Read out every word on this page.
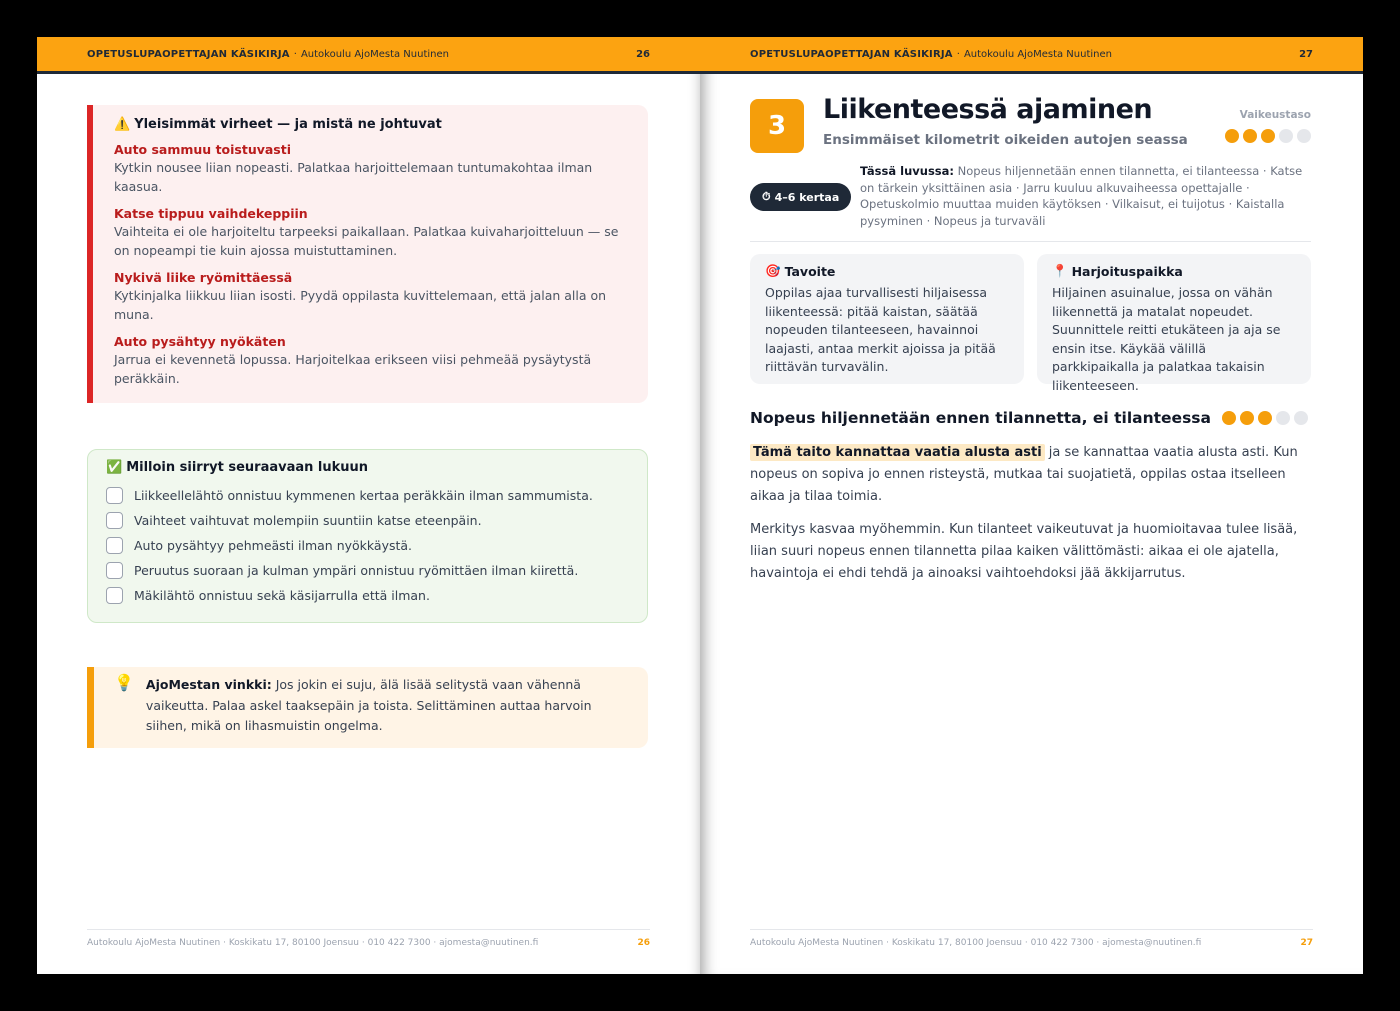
OPETUSLUPAOPETTAJAN KÄSIKIRJA · Autokoulu AjoMesta Nuutinen	26
⚠️ Yleisimmät virheet — ja mistä ne johtuvat
Auto sammuu toistuvasti
Kytkin nousee liian nopeasti. Palatkaa harjoittelemaan tuntumakohtaa ilman kaasua.
Katse tippuu vaihdekeppiin
Vaihteita ei ole harjoiteltu tarpeeksi paikallaan. Palatkaa kuivaharjoitteluun — se on nopeampi tie kuin ajossa muistuttaminen.
Nykivä liike ryömittäessä
Kytkinjalka liikkuu liian isosti. Pyydä oppilasta kuvittelemaan, että jalan alla on muna.
Auto pysähtyy nyökäten
Jarrua ei kevennetä lopussa. Harjoitelkaa erikseen viisi pehmeää pysäytystä peräkkäin.
✅ Milloin siirryt seuraavaan lukuun
Liikkeellelähtö onnistuu kymmenen kertaa peräkkäin ilman sammumista.
Vaihteet vaihtuvat molempiin suuntiin katse eteenpäin.
Auto pysähtyy pehmeästi ilman nyökkäystä.
Peruutus suoraan ja kulman ympäri onnistuu ryömittäen ilman kiirettä.
Mäkilähtö onnistuu sekä käsijarrulla että ilman.
💡 AjoMestan vinkki: Jos jokin ei suju, älä lisää selitystä vaan vähennä vaikeutta. Palaa askel taaksepäin ja toista. Selittäminen auttaa harvoin siihen, mikä on lihasmuistin ongelma.
Autokoulu AjoMesta Nuutinen · Koskikatu 17, 80100 Joensuu · 010 422 7300 · ajomesta@nuutinen.fi	26
OPETUSLUPAOPETTAJAN KÄSIKIRJA · Autokoulu AjoMesta Nuutinen	27
3
Liikenteessä ajaminen
Ensimmäiset kilometrit oikeiden autojen seassa
Vaikeustaso
⏱ 4–6 kertaa
Tässä luvussa: Nopeus hiljennetään ennen tilannetta, ei tilanteessa · Katse on tärkein yksittäinen asia · Jarru kuuluu alkuvaiheessa opettajalle · Opetuskolmio muuttaa muiden käytöksen · Vilkaisut, ei tuijotus · Kaistalla pysyminen · Nopeus ja turvaväli
🎯 Tavoite
Oppilas ajaa turvallisesti hiljaisessa liikenteessä: pitää kaistan, säätää nopeuden tilanteeseen, havainnoi laajasti, antaa merkit ajoissa ja pitää riittävän turvavälin.
📍 Harjoituspaikka
Hiljainen asuinalue, jossa on vähän liikennettä ja matalat nopeudet. Suunnittele reitti etukäteen ja aja se ensin itse. Käykää välillä parkkipaikalla ja palatkaa takaisin liikenteeseen.
Nopeus hiljennetään ennen tilannetta, ei tilanteessa
Tämä taito kannattaa vaatia alusta asti ja se kannattaa vaatia alusta asti. Kun nopeus on sopiva jo ennen risteystä, mutkaa tai suojatietä, oppilas ostaa itselleen aikaa ja tilaa toimia.
Merkitys kasvaa myöhemmin. Kun tilanteet vaikeutuvat ja huomioitavaa tulee lisää, liian suuri nopeus ennen tilannetta pilaa kaiken välittömästi: aikaa ei ole ajatella, havaintoja ei ehdi tehdä ja ainoaksi vaihtoehdoksi jää äkkijarrutus.
Autokoulu AjoMesta Nuutinen · Koskikatu 17, 80100 Joensuu · 010 422 7300 · ajomesta@nuutinen.fi	27
